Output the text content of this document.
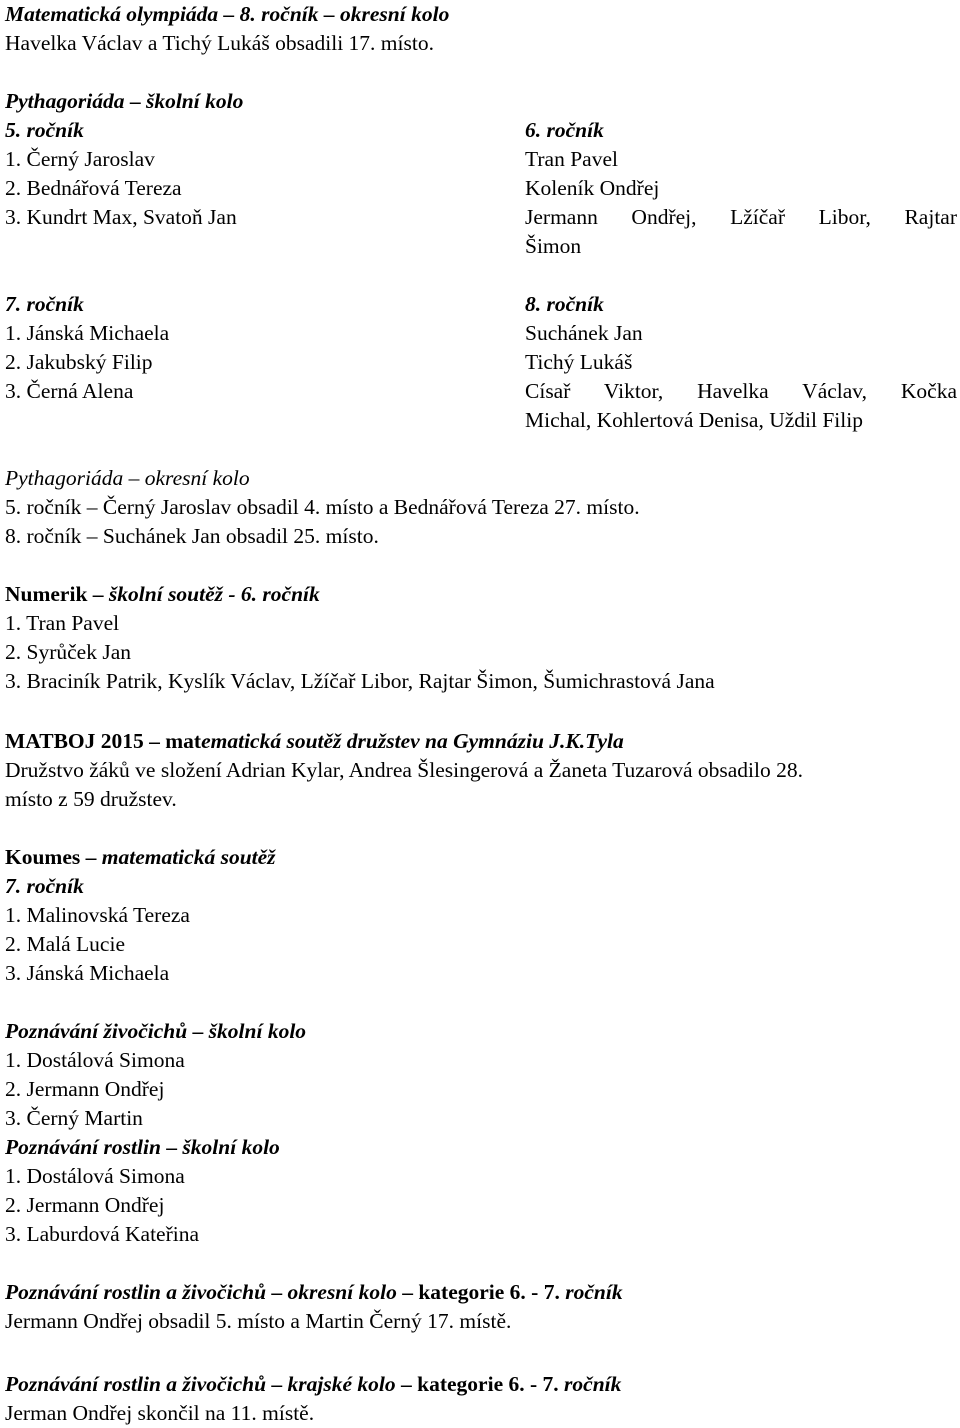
Matematická olympiáda – 8. ročník – okresní kolo
Havelka Václav a Tichý Lukáš obsadili 17. místo.
Pythagoriáda – školní kolo
5. ročník
1. Černý Jaroslav
2. Bednářová Tereza
3. Kundrt Max, Svatoň Jan
6. ročník
Tran Pavel
Koleník Ondřej
Jermann Ondřej, Lžíčař Libor, Rajtar
Šimon
7. ročník
1. Jánská Michaela
2. Jakubský Filip
3. Černá Alena
8. ročník
Suchánek Jan
Tichý Lukáš
Císař Viktor, Havelka Václav, Kočka
Michal, Kohlertová Denisa, Uždil Filip
Pythagoriáda – okresní kolo
5. ročník – Černý Jaroslav obsadil 4. místo a Bednářová Tereza 27. místo.
8. ročník – Suchánek Jan obsadil 25. místo.
Numerik – školní soutěž - 6. ročník
1. Tran Pavel
2. Syrůček Jan
3. Braciník Patrik, Kyslík Václav, Lžíčař Libor, Rajtar Šimon, Šumichrastová Jana
MATBOJ 2015 – matematická soutěž družstev na Gymnáziu J.K.Tyla
Družstvo žáků ve složení Adrian Kylar, Andrea Šlesingerová a Žaneta Tuzarová obsadilo 28.
místo z 59 družstev.
Koumes – matematická soutěž
7. ročník
1. Malinovská Tereza
2. Malá Lucie
3. Jánská Michaela
Poznávání živočichů – školní kolo
1. Dostálová Simona
2. Jermann Ondřej
3. Černý Martin
Poznávání rostlin – školní kolo
1. Dostálová Simona
2. Jermann Ondřej
3. Laburdová Kateřina
Poznávání rostlin a živočichů – okresní kolo – kategorie 6. - 7. ročník
Jermann Ondřej obsadil 5. místo a Martin Černý 17. místě.
Poznávání rostlin a živočichů – krajské kolo – kategorie 6. - 7. ročník
Jerman Ondřej skončil na 11. místě.
